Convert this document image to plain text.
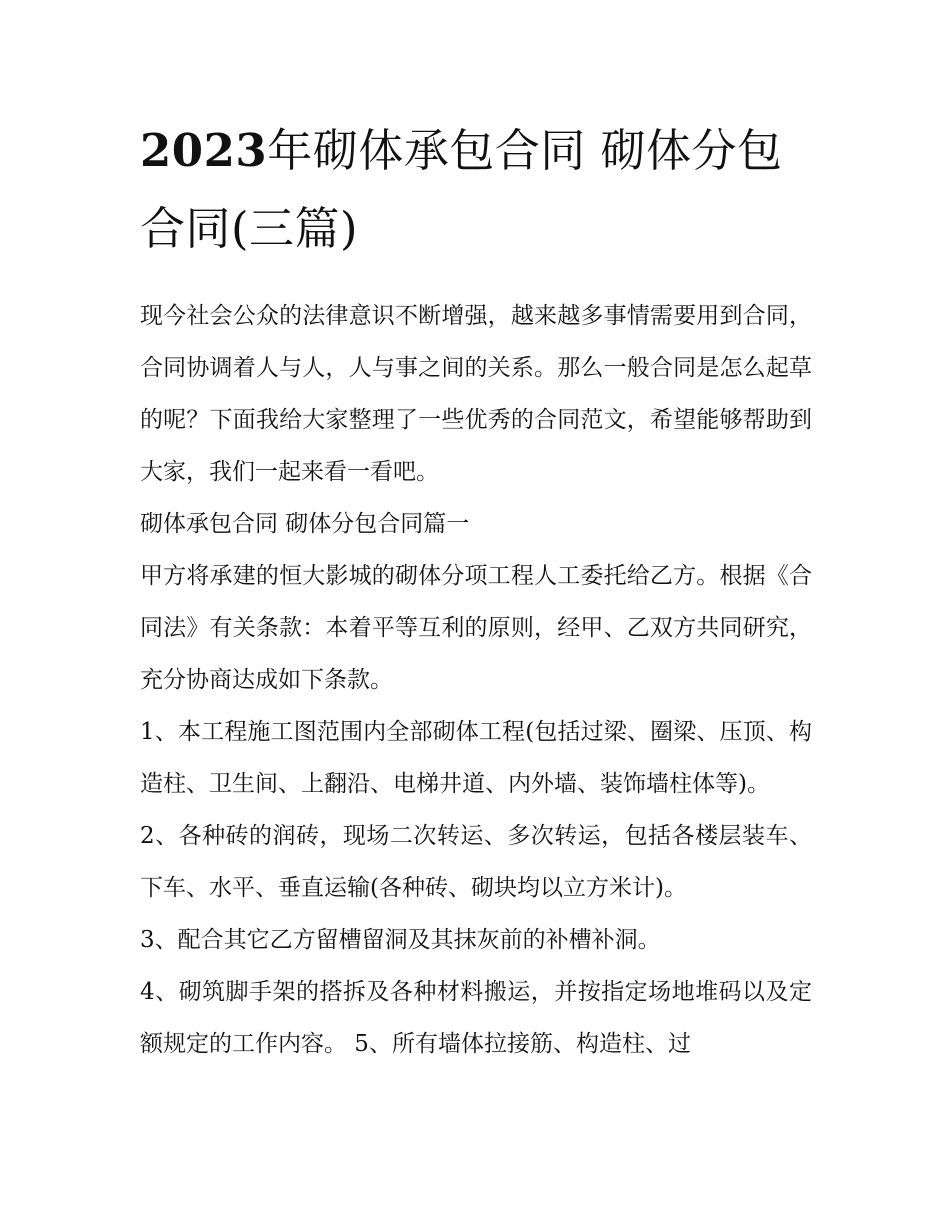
2023年砌体承包合同 砌体分包合同(三篇)

现今社会公众的法律意识不断增强，越来越多事情需要用到合同，合同协调着人与人，人与事之间的关系。那么一般合同是怎么起草的呢？下面我给大家整理了一些优秀的合同范文，希望能够帮助到大家，我们一起来看一看吧。

砌体承包合同 砌体分包合同篇一

甲方将承建的恒大影城的砌体分项工程人工委托给乙方。根据《合同法》有关条款：本着平等互利的原则，经甲、乙双方共同研究，充分协商达成如下条款。

1、本工程施工图范围内全部砌体工程(包括过梁、圈梁、压顶、构造柱、卫生间、上翻沿、电梯井道、内外墙、装饰墙柱体等)。

2、各种砖的润砖，现场二次转运、多次转运，包括各楼层装车、下车、水平、垂直运输(各种砖、砌块均以立方米计)。

3、配合其它乙方留槽留洞及其抹灰前的补槽补洞。

4、砌筑脚手架的搭拆及各种材料搬运，并按指定场地堆码以及定额规定的工作内容。 5、所有墙体拉接筋、构造柱、过
